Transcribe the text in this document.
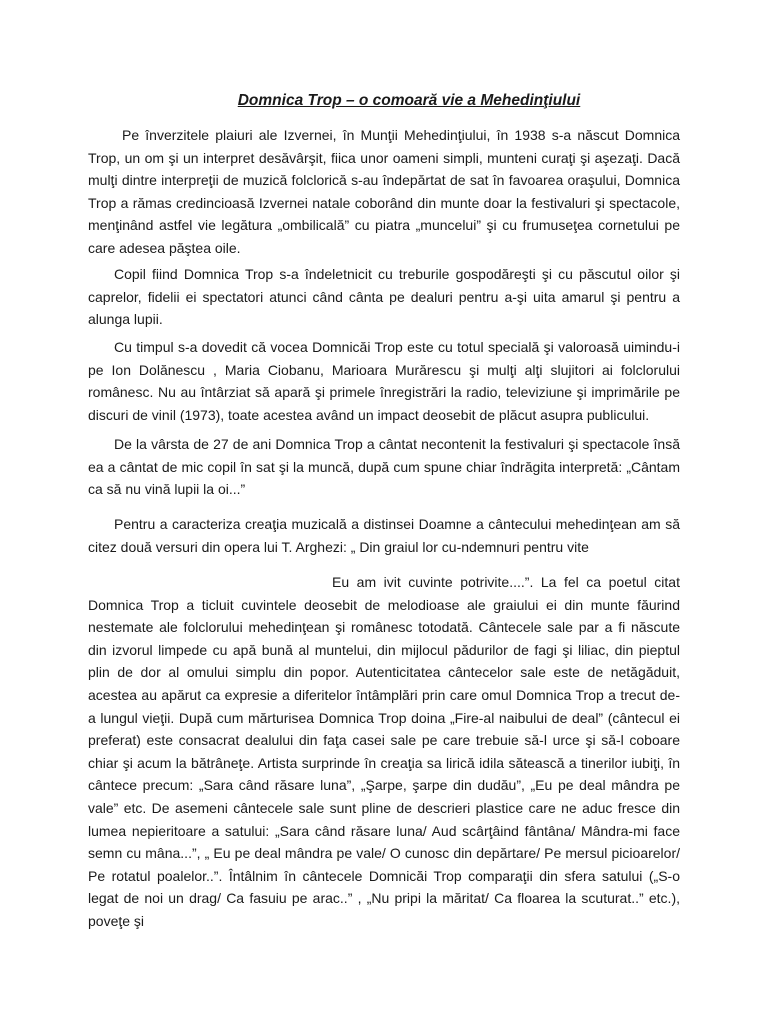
Domnica Trop – o comoară vie a Mehedinţiului

Pe înverzitele plaiuri ale Izvernei, în Munţii Mehedinţiului, în 1938 s-a născut Domnica Trop, un om şi un interpret desăvârşit, fiica unor oameni simpli, munteni curaţi şi aşezaţi. Dacă mulţi dintre interpreţii de muzică folclorică s-au îndepărtat de sat în favoarea oraşului, Domnica Trop a rămas credincioasă Izvernei natale coborând din munte doar la festivaluri şi spectacole, menţinând astfel vie legătura „ombilicală” cu piatra „muncelui” şi cu frumuseţea cornetului pe care adesea păştea oile.

Copil fiind Domnica Trop s-a îndeletnicit cu treburile gospodăreşti şi cu păscutul oilor şi caprelor, fidelii ei spectatori atunci când cânta pe dealuri pentru a-şi uita amarul şi pentru a alunga lupii.

Cu timpul s-a dovedit că vocea Domnicăi Trop este cu totul specială şi valoroasă uimindu-i pe Ion Dolănescu , Maria Ciobanu, Marioara Murărescu şi mulţi alţi slujitori ai folclorului românesc. Nu au întârziat să apară şi primele înregistrări la radio, televiziune şi imprimările pe discuri de vinil (1973), toate acestea având un impact deosebit de plăcut asupra publicului.

De la vârsta de 27 de ani Domnica Trop a cântat necontenit la festivaluri şi spectacole însă ea a cântat de mic copil în sat şi la muncă, după cum spune chiar îndrăgita interpretă: „Cântam ca să nu vină lupii la oi...”

Pentru a caracteriza creaţia muzicală a distinsei Doamne a cântecului mehedinţean am să citez două versuri din opera lui T. Arghezi: „ Din graiul lor cu-ndemnuri pentru vite

Eu am ivit cuvinte potrivite....”. La fel ca poetul citat Domnica Trop a ticluit cuvintele deosebit de melodioase ale graiului ei din munte făurind nestemate ale folclorului mehedinţean şi românesc totodată. Cântecele sale par a fi născute din izvorul limpede cu apă bună al muntelui, din mijlocul pădurilor de fagi şi liliac, din pieptul plin de dor al omului simplu din popor. Autenticitatea cântecelor sale este de netăgăduit, acestea au apărut ca expresie a diferitelor întâmplări prin care omul Domnica Trop a trecut de-a lungul vieţii. După cum mărturisea Domnica Trop doina „Fire-al naibului de deal” (cântecul ei preferat) este consacrat dealului din faţa casei sale pe care trebuie să-l urce şi să-l coboare chiar şi acum la bătrâneţe. Artista surprinde în creaţia sa lirică idila sătească a tinerilor iubiţi, în cântece precum: „Sara când răsare luna”, „Şarpe, şarpe din dudău”, „Eu pe deal mândra pe vale” etc. De asemeni cântecele sale sunt pline de descrieri plastice care ne aduc fresce din lumea nepieritoare a satului: „Sara când răsare luna/ Aud scârţâind fântâna/ Mândra-mi face semn cu mâna...”, „ Eu pe deal mândra pe vale/ O cunosc din depărtare/ Pe mersul picioarelor/ Pe rotatul poalelor..”. Întâlnim în cântecele Domnicăi Trop comparaţii din sfera satului („S-o legat de noi un drag/ Ca fasuiu pe arac..” , „Nu pripi la măritat/ Ca floarea la scuturat..” etc.), poveţe şi
